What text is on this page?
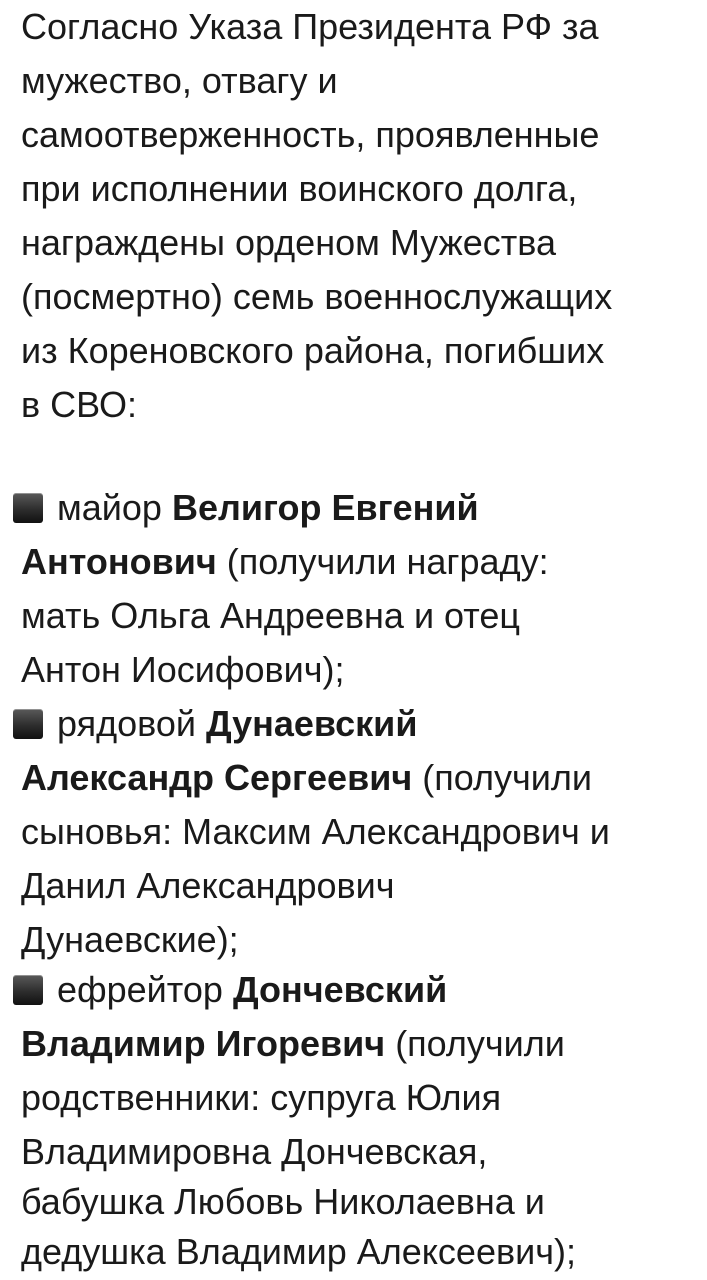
Согласно Указа Президента РФ за
мужество, отвагу и
самоотверженность, проявленные
при исполнении воинского долга,
награждены орденом Мужества
(посмертно) семь военнослужащих
из Кореновского района, погибших
в СВО:
майор Велигор Евгений
Антонович (получили награду:
мать Ольга Андреевна и отец
Антон Иосифович);
рядовой Дунаевский
Александр Сергеевич (получили
сыновья: Максим Александрович и
Данил Александрович
Дунаевские);
ефрейтор Дончевский
Владимир Игоревич (получили
родственники: супруга Юлия
Владимировна Дончевская,
бабушка Любовь Николаевна и
дедушка Владимир Алексеевич);
